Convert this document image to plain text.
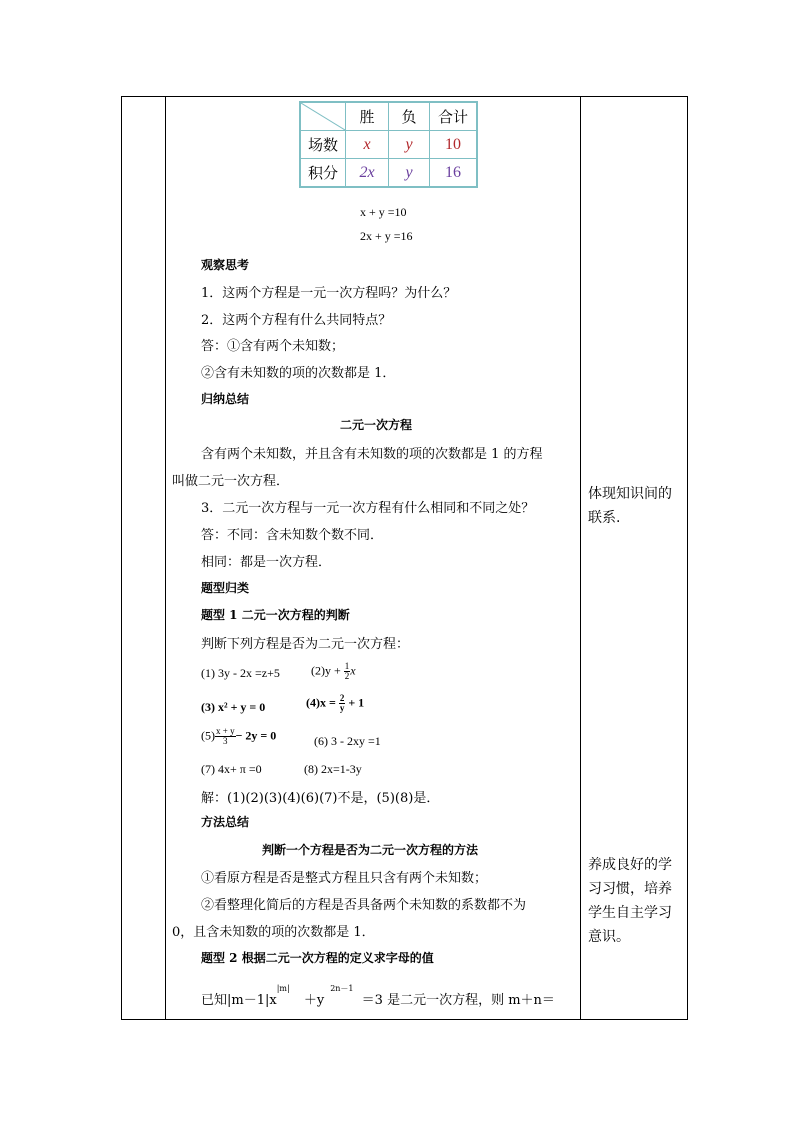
	胜	负	合计
场数	x	y	10
积分	2x	y	16
x + y =10
2x + y =16
观察思考
1．这两个方程是一元一次方程吗？为什么？
2．这两个方程有什么共同特点？
答：①含有两个未知数；
②含有未知数的项的次数都是 1．
归纳总结
二元一次方程
含有两个未知数，并且含有未知数的项的次数都是 1 的方程
叫做二元一次方程．
3．二元一次方程与一元一次方程有什么相同和不同之处？
答：不同：含未知数个数不同．
相同：都是一次方程．
题型归类
题型 1 二元一次方程的判断
判断下列方程是否为二元一次方程：
(1) 3y - 2x =z+5	$(2)y + \frac{1}{2}$ x
(3) x² + y = 0	$(4)x = \frac{2}{y} + 1$
$(5) \frac{x + y}{3} - 2y = 0$	(6) 3 - 2xy =1
(7) 4x+ π =0	(8) 2x=1-3y
解：(1)(2)(3)(4)(6)(7)不是，(5)(8)是．
方法总结
判断一个方程是否为二元一次方程的方法
①看原方程是否是整式方程且只含有两个未知数；
②看整理化简后的方程是否具备两个未知数的系数都不为
0，且含未知数的项的次数都是 1．
题型 2 根据二元一次方程的定义求字母的值
已知$|m-1|x^{|m|} +y^{2n-1} =3$ 是二元一次方程，则 m＋n＝
体现知识间的联系.
养成良好的学习习惯，培养学生自主学习意识。
